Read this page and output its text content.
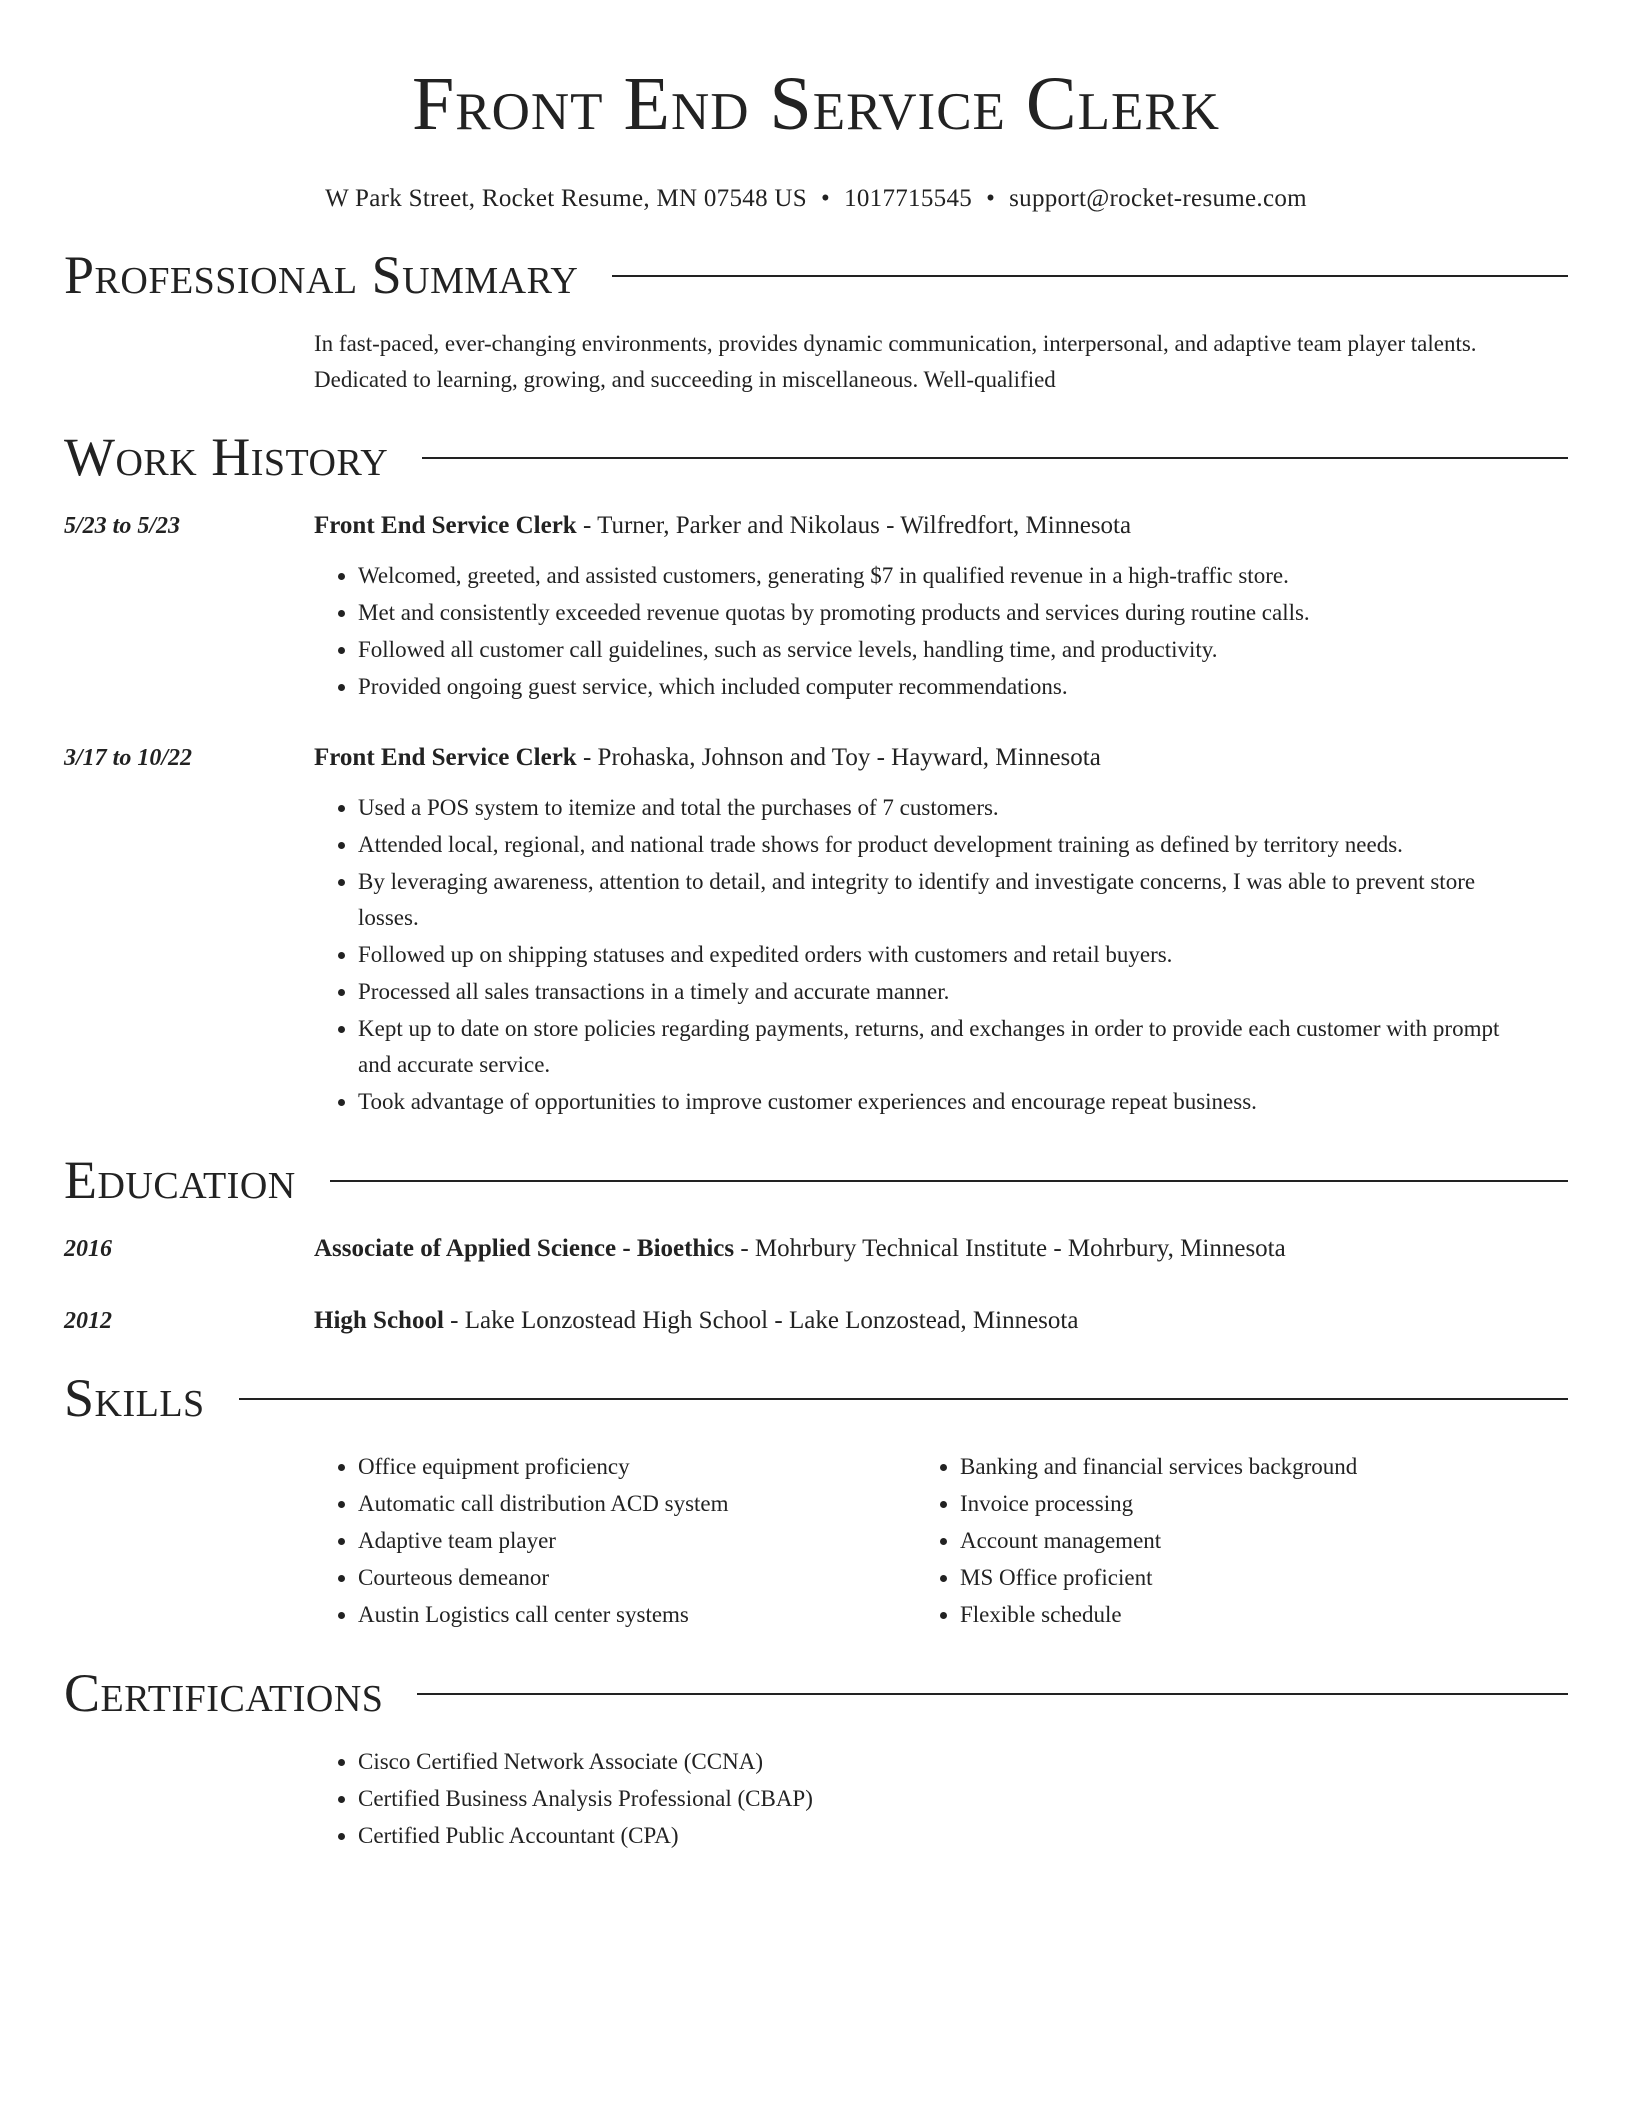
Front End Service Clerk
W Park Street, Rocket Resume, MN 07548 US • 1017715545 • support@rocket-resume.com
Professional Summary
In fast-paced, ever-changing environments, provides dynamic communication, interpersonal, and adaptive team player talents. Dedicated to learning, growing, and succeeding in miscellaneous. Well-qualified
Work History
5/23 to 5/23	Front End Service Clerk - Turner, Parker and Nikolaus - Wilfredfort, Minnesota
• Welcomed, greeted, and assisted customers, generating $7 in qualified revenue in a high-traffic store.
• Met and consistently exceeded revenue quotas by promoting products and services during routine calls.
• Followed all customer call guidelines, such as service levels, handling time, and productivity.
• Provided ongoing guest service, which included computer recommendations.
3/17 to 10/22	Front End Service Clerk - Prohaska, Johnson and Toy - Hayward, Minnesota
• Used a POS system to itemize and total the purchases of 7 customers.
• Attended local, regional, and national trade shows for product development training as defined by territory needs.
• By leveraging awareness, attention to detail, and integrity to identify and investigate concerns, I was able to prevent store losses.
• Followed up on shipping statuses and expedited orders with customers and retail buyers.
• Processed all sales transactions in a timely and accurate manner.
• Kept up to date on store policies regarding payments, returns, and exchanges in order to provide each customer with prompt and accurate service.
• Took advantage of opportunities to improve customer experiences and encourage repeat business.
Education
2016	Associate of Applied Science - Bioethics - Mohrbury Technical Institute - Mohrbury, Minnesota
2012	High School - Lake Lonzostead High School - Lake Lonzostead, Minnesota
Skills
• Office equipment proficiency
• Automatic call distribution ACD system
• Adaptive team player
• Courteous demeanor
• Austin Logistics call center systems
• Banking and financial services background
• Invoice processing
• Account management
• MS Office proficient
• Flexible schedule
Certifications
• Cisco Certified Network Associate (CCNA)
• Certified Business Analysis Professional (CBAP)
• Certified Public Accountant (CPA)
